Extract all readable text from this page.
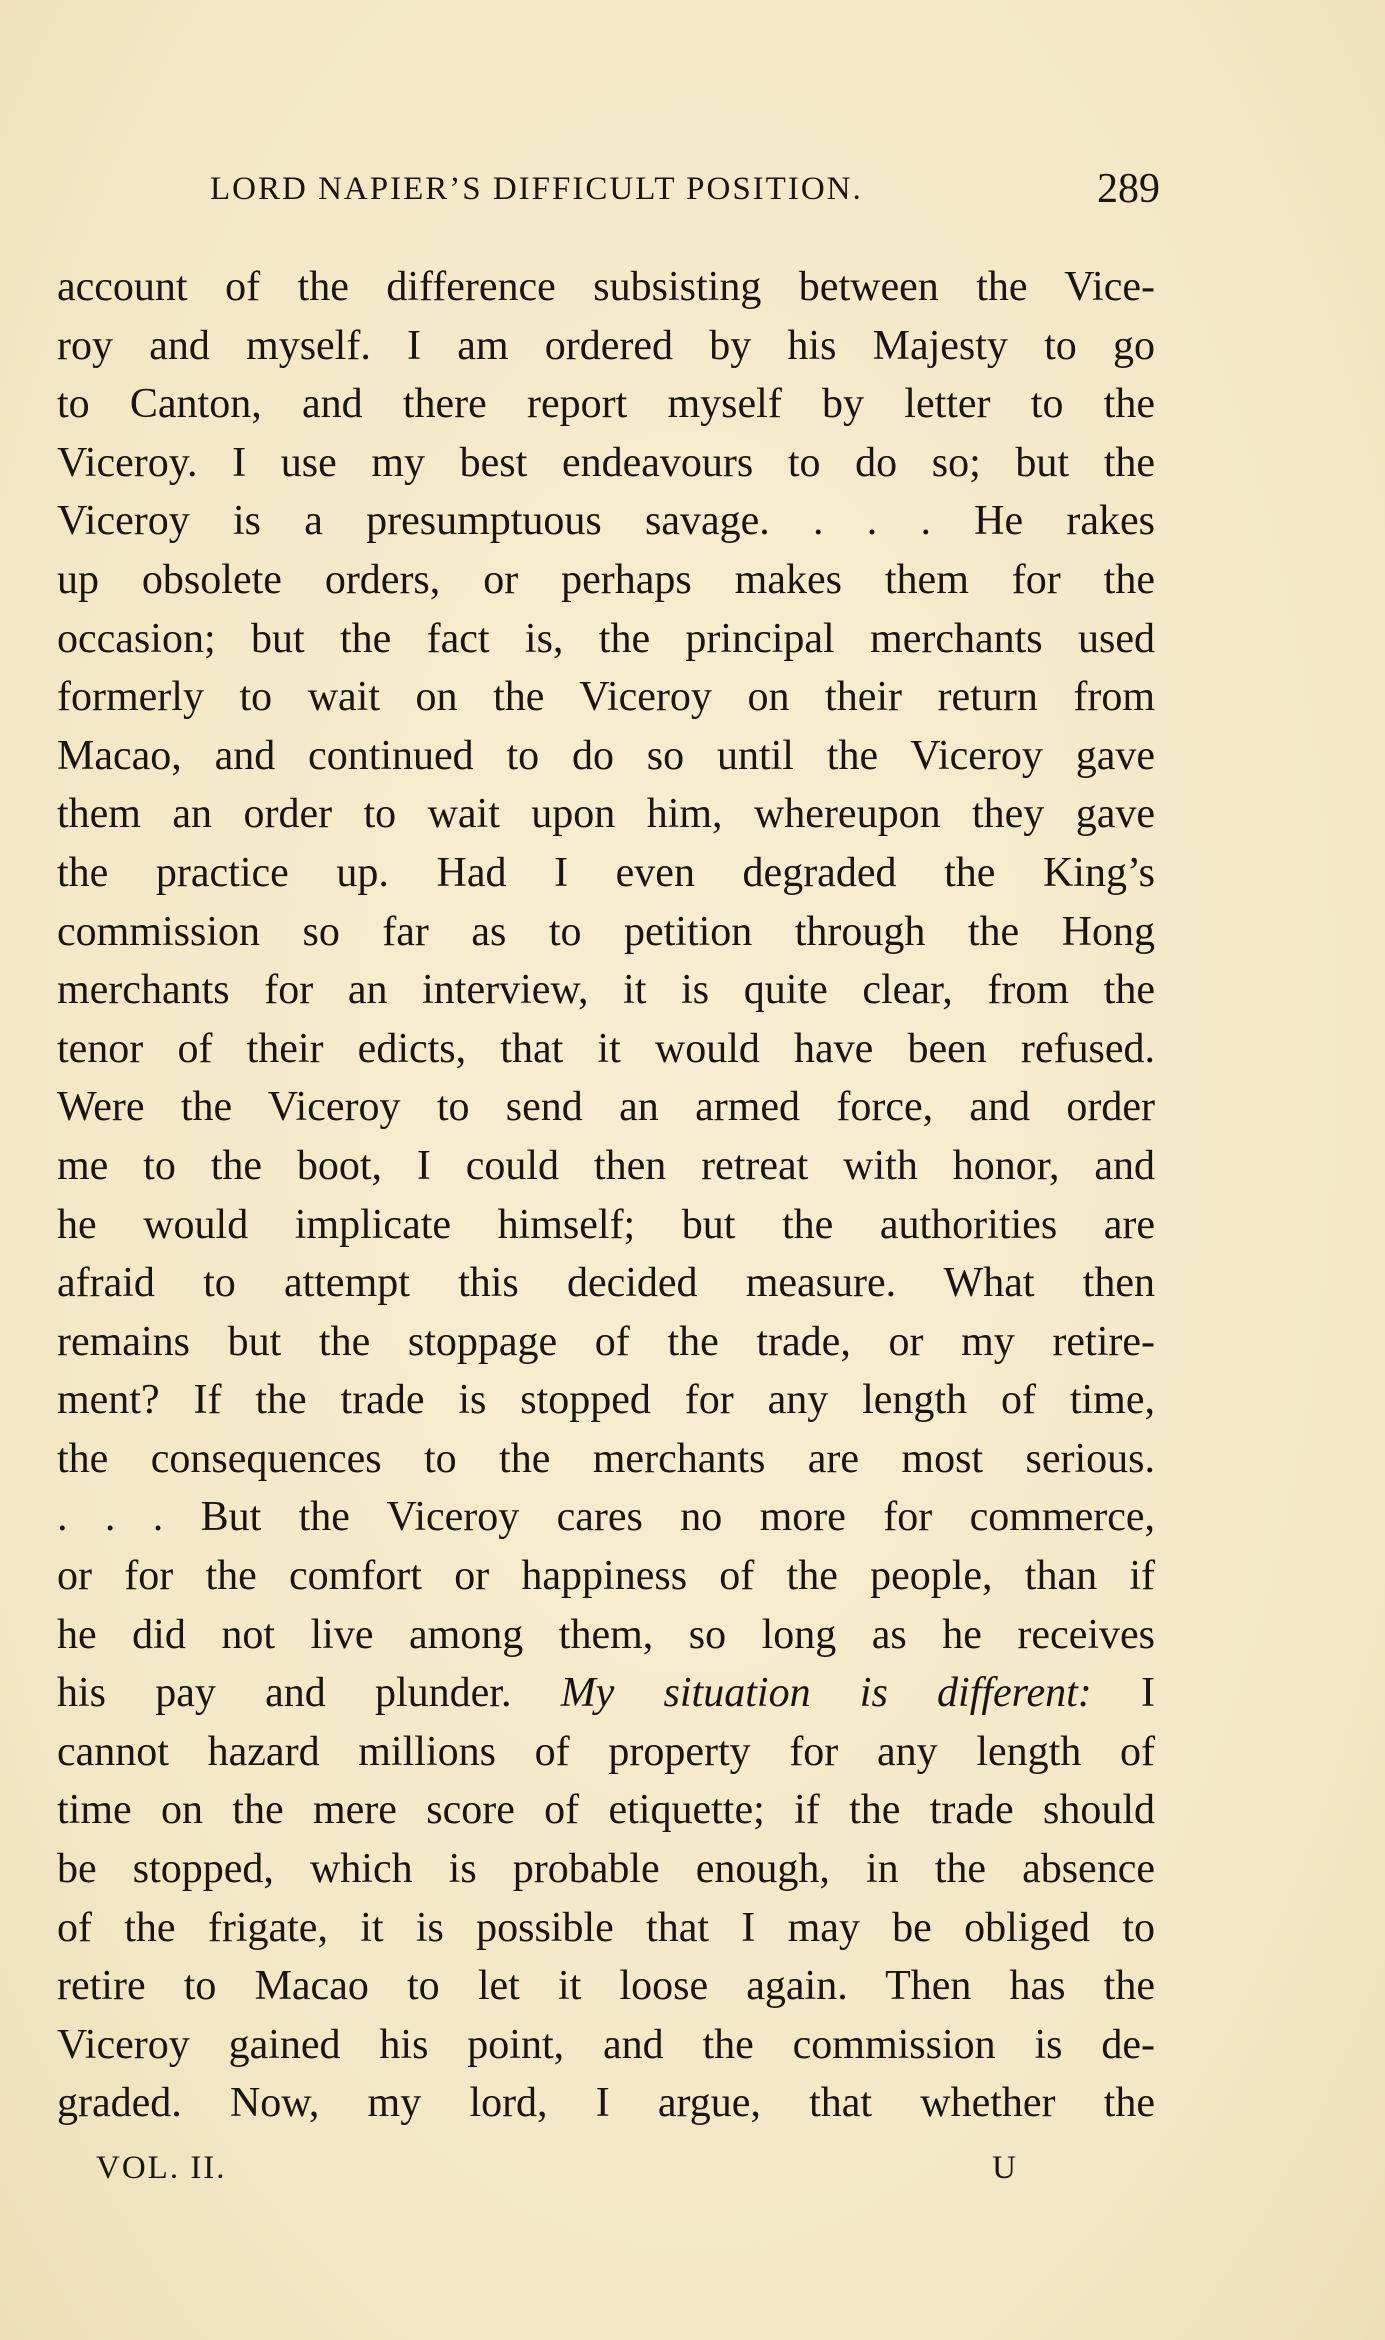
LORD NAPIER’S DIFFICULT POSITION.	289
account of the difference subsisting between the Vice-
roy and myself. I am ordered by his Majesty to go
to Canton, and there report myself by letter to the
Viceroy. I use my best endeavours to do so; but the
Viceroy is a presumptuous savage. . . . He rakes
up obsolete orders, or perhaps makes them for the
occasion; but the fact is, the principal merchants used
formerly to wait on the Viceroy on their return from
Macao, and continued to do so until the Viceroy gave
them an order to wait upon him, whereupon they gave
the practice up. Had I even degraded the King’s
commission so far as to petition through the Hong
merchants for an interview, it is quite clear, from the
tenor of their edicts, that it would have been refused.
Were the Viceroy to send an armed force, and order
me to the boot, I could then retreat with honor, and
he would implicate himself; but the authorities are
afraid to attempt this decided measure. What then
remains but the stoppage of the trade, or my retire-
ment? If the trade is stopped for any length of time,
the consequences to the merchants are most serious.
. . . But the Viceroy cares no more for commerce,
or for the comfort or happiness of the people, than if
he did not live among them, so long as he receives
his pay and plunder. My situation is different: I
cannot hazard millions of property for any length of
time on the mere score of etiquette; if the trade should
be stopped, which is probable enough, in the absence
of the frigate, it is possible that I may be obliged to
retire to Macao to let it loose again. Then has the
Viceroy gained his point, and the commission is de-
graded. Now, my lord, I argue, that whether the
VOL. II.	U
